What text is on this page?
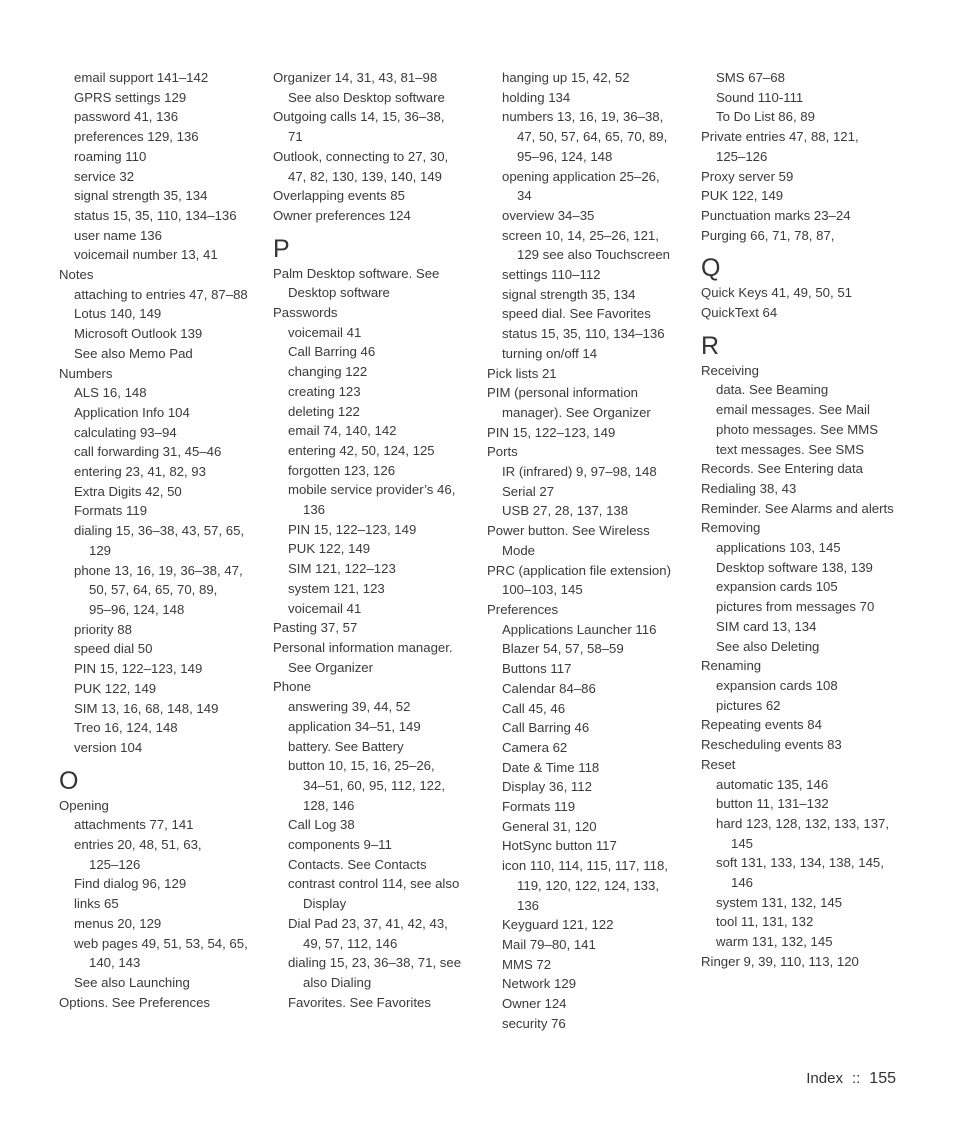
email support 141–142
GPRS settings 129
password 41, 136
preferences 129, 136
roaming 110
service 32
signal strength 35, 134
status 15, 35, 110, 134–136
user name 136
voicemail number 13, 41
Notes
attaching to entries 47, 87–88
Lotus 140, 149
Microsoft Outlook 139
See also Memo Pad
Numbers
ALS 16, 148
Application Info 104
calculating 93–94
call forwarding 31, 45–46
entering 23, 41, 82, 93
Extra Digits 42, 50
Formats 119
dialing 15, 36–38, 43, 57, 65,
129
phone 13, 16, 19, 36–38, 47,
50, 57, 64, 65, 70, 89,
95–96, 124, 148
priority 88
speed dial 50
PIN 15, 122–123, 149
PUK 122, 149
SIM 13, 16, 68, 148, 149
Treo 16, 124, 148
version 104
O
Opening
attachments 77, 141
entries 20, 48, 51, 63,
125–126
Find dialog 96, 129
links 65
menus 20, 129
web pages 49, 51, 53, 54, 65,
140, 143
See also Launching
Options. See Preferences
Organizer 14, 31, 43, 81–98
See also Desktop software
Outgoing calls 14, 15, 36–38,
71
Outlook, connecting to 27, 30,
47, 82, 130, 139, 140, 149
Overlapping events 85
Owner preferences 124
P
Palm Desktop software. See
Desktop software
Passwords
voicemail 41
Call Barring 46
changing 122
creating 123
deleting 122
email 74, 140, 142
entering 42, 50, 124, 125
forgotten 123, 126
mobile service provider’s 46,
136
PIN 15, 122–123, 149
PUK 122, 149
SIM 121, 122–123
system 121, 123
voicemail 41
Pasting 37, 57
Personal information manager.
See Organizer
Phone
answering 39, 44, 52
application 34–51, 149
battery. See Battery
button 10, 15, 16, 25–26,
34–51, 60, 95, 112, 122,
128, 146
Call Log 38
components 9–11
Contacts. See Contacts
contrast control 114, see also
Display
Dial Pad 23, 37, 41, 42, 43,
49, 57, 112, 146
dialing 15, 23, 36–38, 71, see
also Dialing
Favorites. See Favorites
hanging up 15, 42, 52
holding 134
numbers 13, 16, 19, 36–38,
47, 50, 57, 64, 65, 70, 89,
95–96, 124, 148
opening application 25–26,
34
overview 34–35
screen 10, 14, 25–26, 121,
129 see also Touchscreen
settings 110–112
signal strength 35, 134
speed dial. See Favorites
status 15, 35, 110, 134–136
turning on/off 14
Pick lists 21
PIM (personal information
manager). See Organizer
PIN 15, 122–123, 149
Ports
IR (infrared) 9, 97–98, 148
Serial 27
USB 27, 28, 137, 138
Power button. See Wireless
Mode
PRC (application file extension)
100–103, 145
Preferences
Applications Launcher 116
Blazer 54, 57, 58–59
Buttons 117
Calendar 84–86
Call 45, 46
Call Barring 46
Camera 62
Date & Time 118
Display 36, 112
Formats 119
General 31, 120
HotSync button 117
icon 110, 114, 115, 117, 118,
119, 120, 122, 124, 133,
136
Keyguard 121, 122
Mail 79–80, 141
MMS 72
Network 129
Owner 124
security 76
SMS 67–68
Sound 110-111
To Do List 86, 89
Private entries 47, 88, 121,
125–126
Proxy server 59
PUK 122, 149
Punctuation marks 23–24
Purging 66, 71, 78, 87,
Q
Quick Keys 41, 49, 50, 51
QuickText 64
R
Receiving
data. See Beaming
email messages. See Mail
photo messages. See MMS
text messages. See SMS
Records. See Entering data
Redialing 38, 43
Reminder. See Alarms and alerts
Removing
applications 103, 145
Desktop software 138, 139
expansion cards 105
pictures from messages 70
SIM card 13, 134
See also Deleting
Renaming
expansion cards 108
pictures 62
Repeating events 84
Rescheduling events 83
Reset
automatic 135, 146
button 11, 131–132
hard 123, 128, 132, 133, 137,
145
soft 131, 133, 134, 138, 145,
146
system 131, 132, 145
tool 11, 131, 132
warm 131, 132, 145
Ringer 9, 39, 110, 113, 120
Index :: 155
